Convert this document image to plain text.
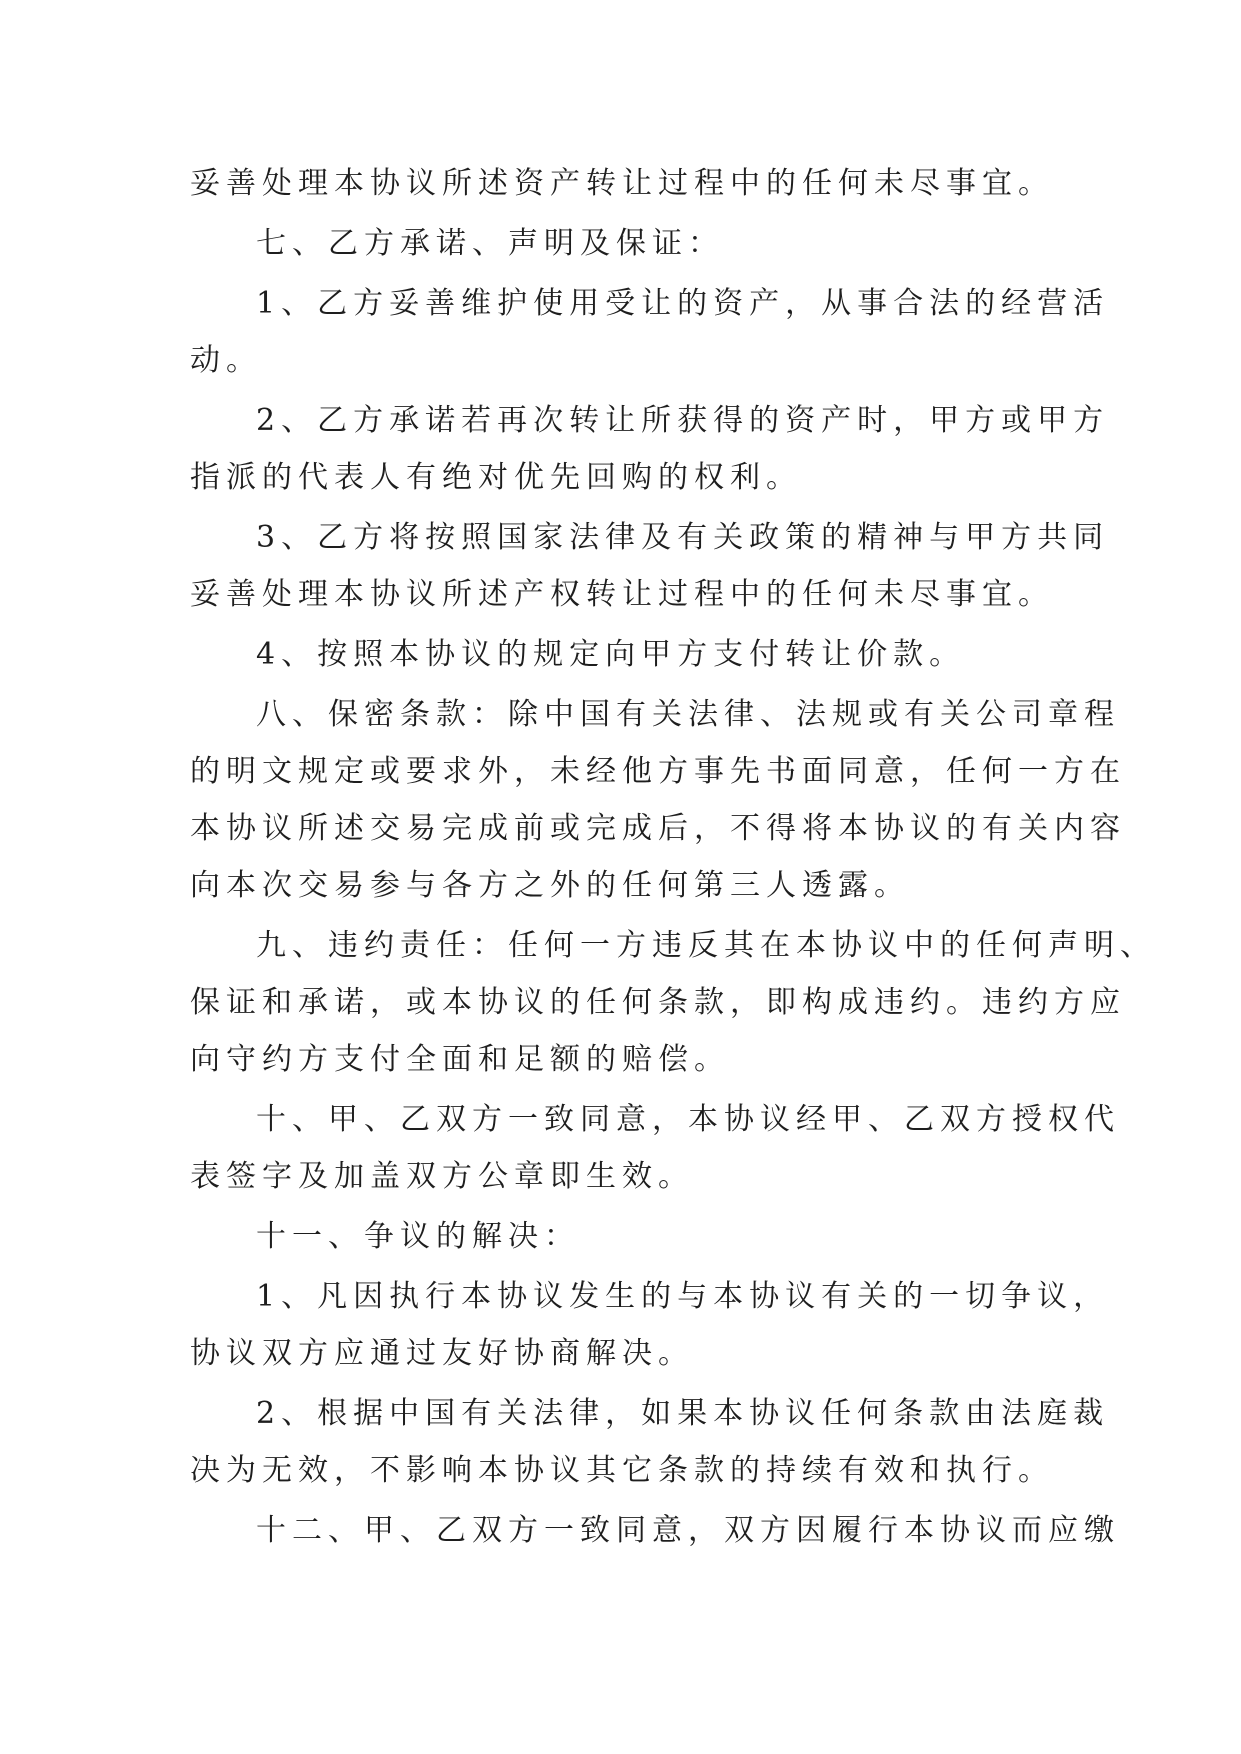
妥善处理本协议所述资产转让过程中的任何未尽事宜。
七、乙方承诺、声明及保证：
1、乙方妥善维护使用受让的资产，从事合法的经营活
动。
2、乙方承诺若再次转让所获得的资产时，甲方或甲方
指派的代表人有绝对优先回购的权利。
3、乙方将按照国家法律及有关政策的精神与甲方共同
妥善处理本协议所述产权转让过程中的任何未尽事宜。
4、按照本协议的规定向甲方支付转让价款。
八、保密条款：除中国有关法律、法规或有关公司章程
的明文规定或要求外，未经他方事先书面同意，任何一方在
本协议所述交易完成前或完成后，不得将本协议的有关内容
向本次交易参与各方之外的任何第三人透露。
九、违约责任：任何一方违反其在本协议中的任何声明、
保证和承诺，或本协议的任何条款，即构成违约。违约方应
向守约方支付全面和足额的赔偿。
十、甲、乙双方一致同意，本协议经甲、乙双方授权代
表签字及加盖双方公章即生效。
十一、争议的解决：
1、凡因执行本协议发生的与本协议有关的一切争议，
协议双方应通过友好协商解决。
2、根据中国有关法律，如果本协议任何条款由法庭裁
决为无效，不影响本协议其它条款的持续有效和执行。
十二、甲、乙双方一致同意，双方因履行本协议而应缴
